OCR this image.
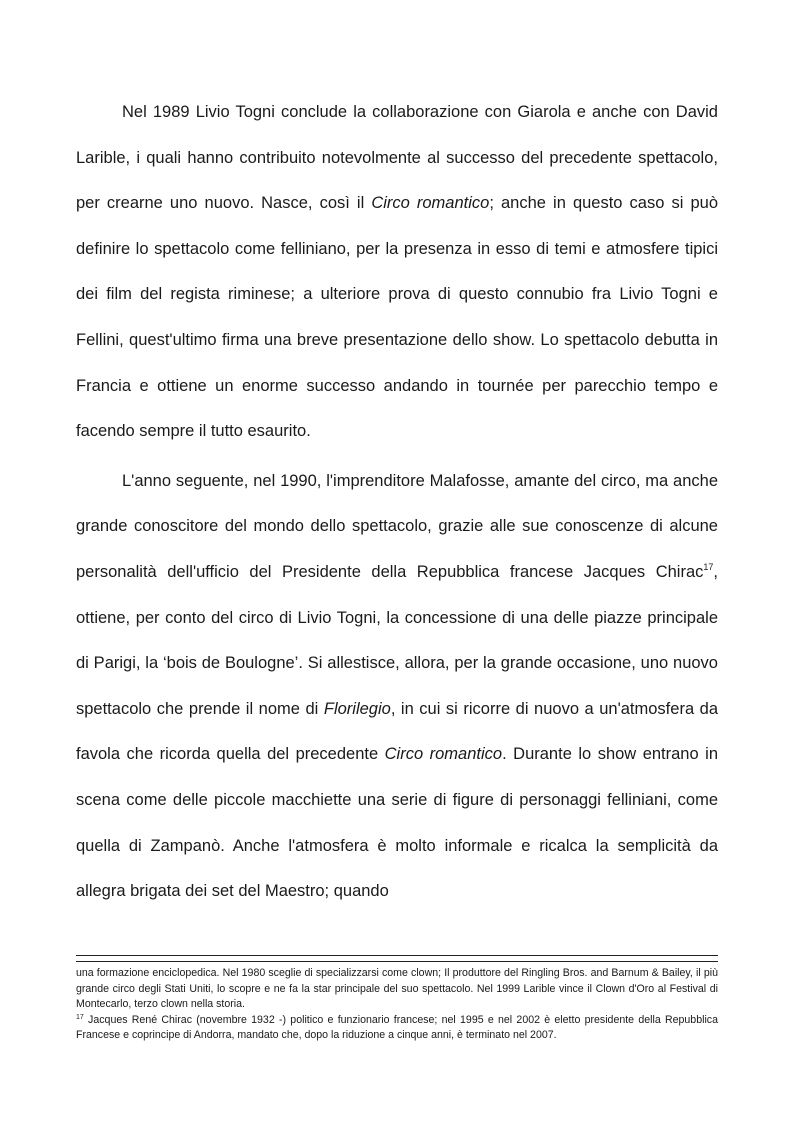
Nel 1989 Livio Togni conclude la collaborazione con Giarola e anche con David Larible, i quali hanno contribuito notevolmente al successo del precedente spettacolo, per crearne uno nuovo. Nasce, così il Circo romantico; anche in questo caso si può definire lo spettacolo come felliniano, per la presenza in esso di temi e atmosfere tipici dei film del regista riminese; a ulteriore prova di questo connubio fra Livio Togni e Fellini, quest'ultimo firma una breve presentazione dello show. Lo spettacolo debutta in Francia e ottiene un enorme successo andando in tournée per parecchio tempo e facendo sempre il tutto esaurito.

L'anno seguente, nel 1990, l'imprenditore Malafosse, amante del circo, ma anche grande conoscitore del mondo dello spettacolo, grazie alle sue conoscenze di alcune personalità dell'ufficio del Presidente della Repubblica francese Jacques Chirac$^{17}$, ottiene, per conto del circo di Livio Togni, la concessione di una delle piazze principale di Parigi, la ‘bois de Boulogne’. Si allestisce, allora, per la grande occasione, uno nuovo spettacolo che prende il nome di Florilegio, in cui si ricorre di nuovo a un'atmosfera da favola che ricorda quella del precedente Circo romantico. Durante lo show entrano in scena come delle piccole macchiette una serie di figure di personaggi felliniani, come quella di Zampanò. Anche l'atmosfera è molto informale e ricalca la semplicità da allegra brigata dei set del Maestro; quando

una formazione enciclopedica. Nel 1980 sceglie di specializzarsi come clown; Il produttore del Ringling Bros. and Barnum & Bailey, il più grande circo degli Stati Uniti, lo scopre e ne fa la star principale del suo spettacolo. Nel 1999 Larible vince il Clown d'Oro al Festival di Montecarlo, terzo clown nella storia.

$^{17}$ Jacques René Chirac (novembre 1932 -) politico e funzionario francese; nel 1995 e nel 2002 è eletto presidente della Repubblica Francese e coprincipe di Andorra, mandato che, dopo la riduzione a cinque anni, è terminato nel 2007.
